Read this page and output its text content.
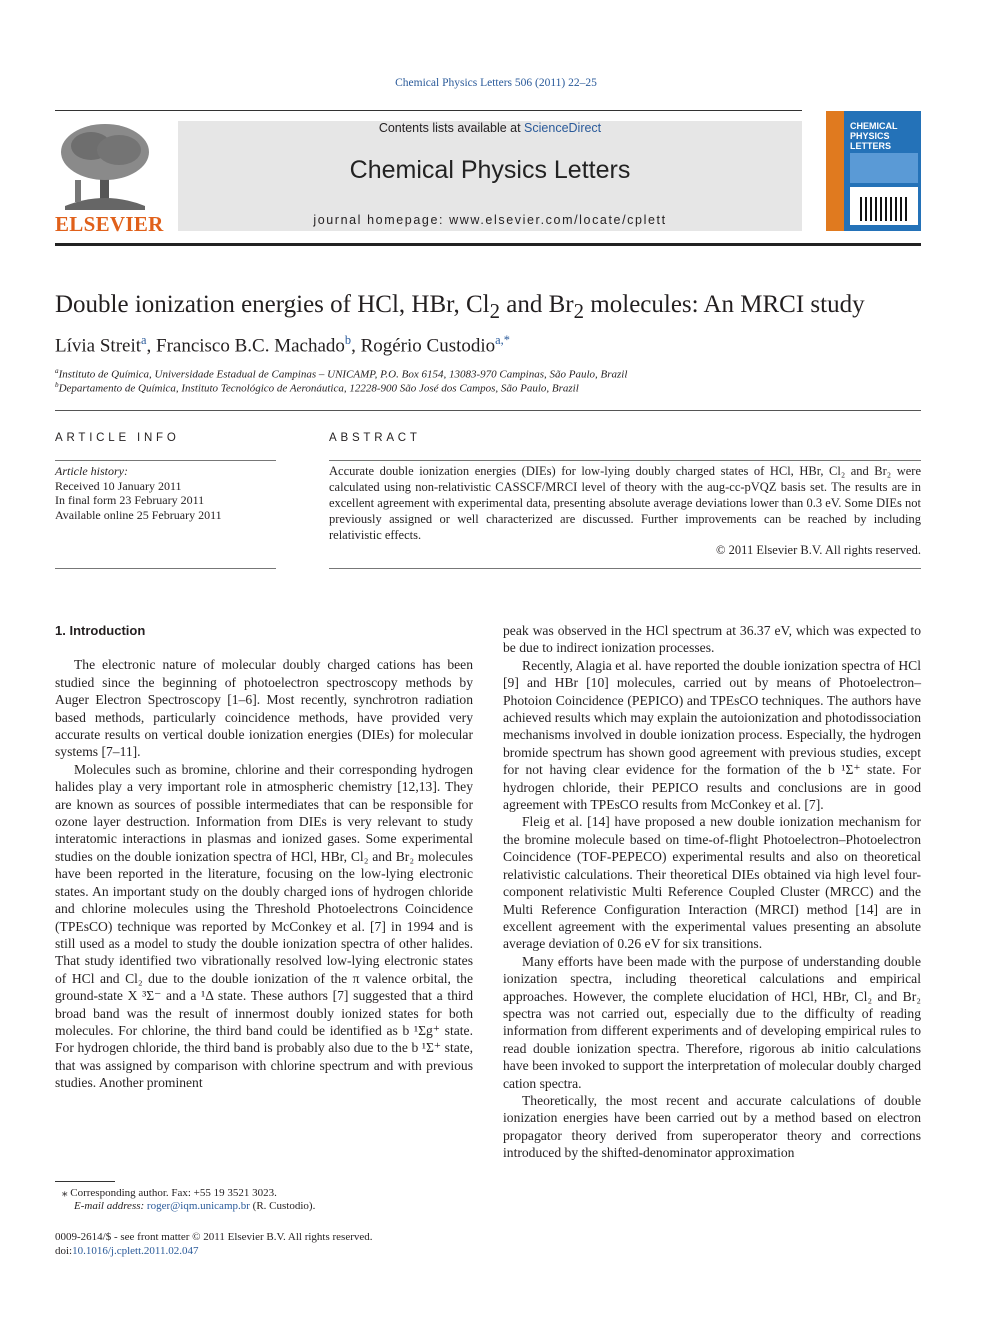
Chemical Physics Letters 506 (2011) 22–25
ELSEVIER
Contents lists available at ScienceDirect
Chemical Physics Letters
journal homepage: www.elsevier.com/locate/cplett
CHEMICAL
PHYSICS
LETTERS
Double ionization energies of HCl, HBr, $Cl_2$ and $Br_2$ molecules: An MRCI study
Lívia Streit$^a$, Francisco B.C. Machado$^b$, Rogério Custodio$^{a,*}$
$^a$Instituto de Química, Universidade Estadual de Campinas – UNICAMP, P.O. Box 6154, 13083-970 Campinas, São Paulo, Brazil
$^b$Departamento de Química, Instituto Tecnológico de Aeronáutica, 12228-900 São José dos Campos, São Paulo, Brazil
ARTICLE INFO
Article history:
Received 10 January 2011
In final form 23 February 2011
Available online 25 February 2011
ABSTRACT
Accurate double ionization energies (DIEs) for low-lying doubly charged states of HCl, HBr, Cl₂ and Br₂ were calculated using non-relativistic CASSCF/MRCI level of theory with the aug-cc-pVQZ basis set. The results are in excellent agreement with experimental data, presenting absolute average deviations lower than 0.3 eV. Some DIEs not previously assigned or well characterized are discussed. Further improvements can be reached by including relativistic effects.
© 2011 Elsevier B.V. All rights reserved.
1. Introduction

The electronic nature of molecular doubly charged cations has been studied since the beginning of photoelectron spectroscopy methods by Auger Electron Spectroscopy [1–6]. Most recently, synchrotron radiation based methods, particularly coincidence methods, have provided very accurate results on vertical double ionization energies (DIEs) for molecular systems [7–11].

Molecules such as bromine, chlorine and their corresponding hydrogen halides play a very important role in atmospheric chemistry [12,13]. They are known as sources of possible intermediates that can be responsible for ozone layer destruction. Information from DIEs is very relevant to study interatomic interactions in plasmas and ionized gases. Some experimental studies on the double ionization spectra of HCl, HBr, Cl₂ and Br₂ molecules have been reported in the literature, focusing on the low-lying electronic states. An important study on the doubly charged ions of hydrogen chloride and chlorine molecules using the Threshold Photoelectrons Coincidence (TPEsCO) technique was reported by McConkey et al. [7] in 1994 and is still used as a model to study the double ionization spectra of other halides. That study identified two vibrationally resolved low-lying electronic states of HCl and Cl₂ due to the double ionization of the π valence orbital, the ground-state X ³Σ⁻ and a ¹Δ state. These authors [7] suggested that a third broad band was the result of innermost doubly ionized states for both molecules. For chlorine, the third band could be identified as b ¹Σg⁺ state. For hydrogen chloride, the third band is probably also due to the b ¹Σ⁺ state, that was assigned by comparison with chlorine spectrum and with previous studies. Another prominent

peak was observed in the HCl spectrum at 36.37 eV, which was expected to be due to indirect ionization processes.

Recently, Alagia et al. have reported the double ionization spectra of HCl [9] and HBr [10] molecules, carried out by means of Photoelectron–Photoion Coincidence (PEPICO) and TPEsCO techniques. The authors have achieved results which may explain the autoionization and photodissociation mechanisms involved in double ionization process. Especially, the hydrogen bromide spectrum has shown good agreement with previous studies, except for not having clear evidence for the formation of the b ¹Σ⁺ state. For hydrogen chloride, their PEPICO results and conclusions are in good agreement with TPEsCO results from McConkey et al. [7].

Fleig et al. [14] have proposed a new double ionization mechanism for the bromine molecule based on time-of-flight Photoelectron–Photoelectron Coincidence (TOF-PEPECO) experimental results and also on theoretical relativistic calculations. Their theoretical DIEs obtained via high level four-component relativistic Multi Reference Coupled Cluster (MRCC) and the Multi Reference Configuration Interaction (MRCI) method [14] are in excellent agreement with the experimental values presenting an absolute average deviation of 0.26 eV for six transitions.

Many efforts have been made with the purpose of understanding double ionization spectra, including theoretical calculations and empirical approaches. However, the complete elucidation of HCl, HBr, Cl₂ and Br₂ spectra was not carried out, especially due to the difficulty of reading information from different experiments and of developing empirical rules to read double ionization spectra. Therefore, rigorous ab initio calculations have been invoked to support the interpretation of molecular doubly charged cation spectra.

Theoretically, the most recent and accurate calculations of double ionization energies have been carried out by a method based on electron propagator theory derived from superoperator theory and corrections introduced by the shifted-denominator approximation

⁎ Corresponding author. Fax: +55 19 3521 3023.
E-mail address: roger@iqm.unicamp.br (R. Custodio).
0009-2614/$ - see front matter © 2011 Elsevier B.V. All rights reserved.
doi:10.1016/j.cplett.2011.02.047
